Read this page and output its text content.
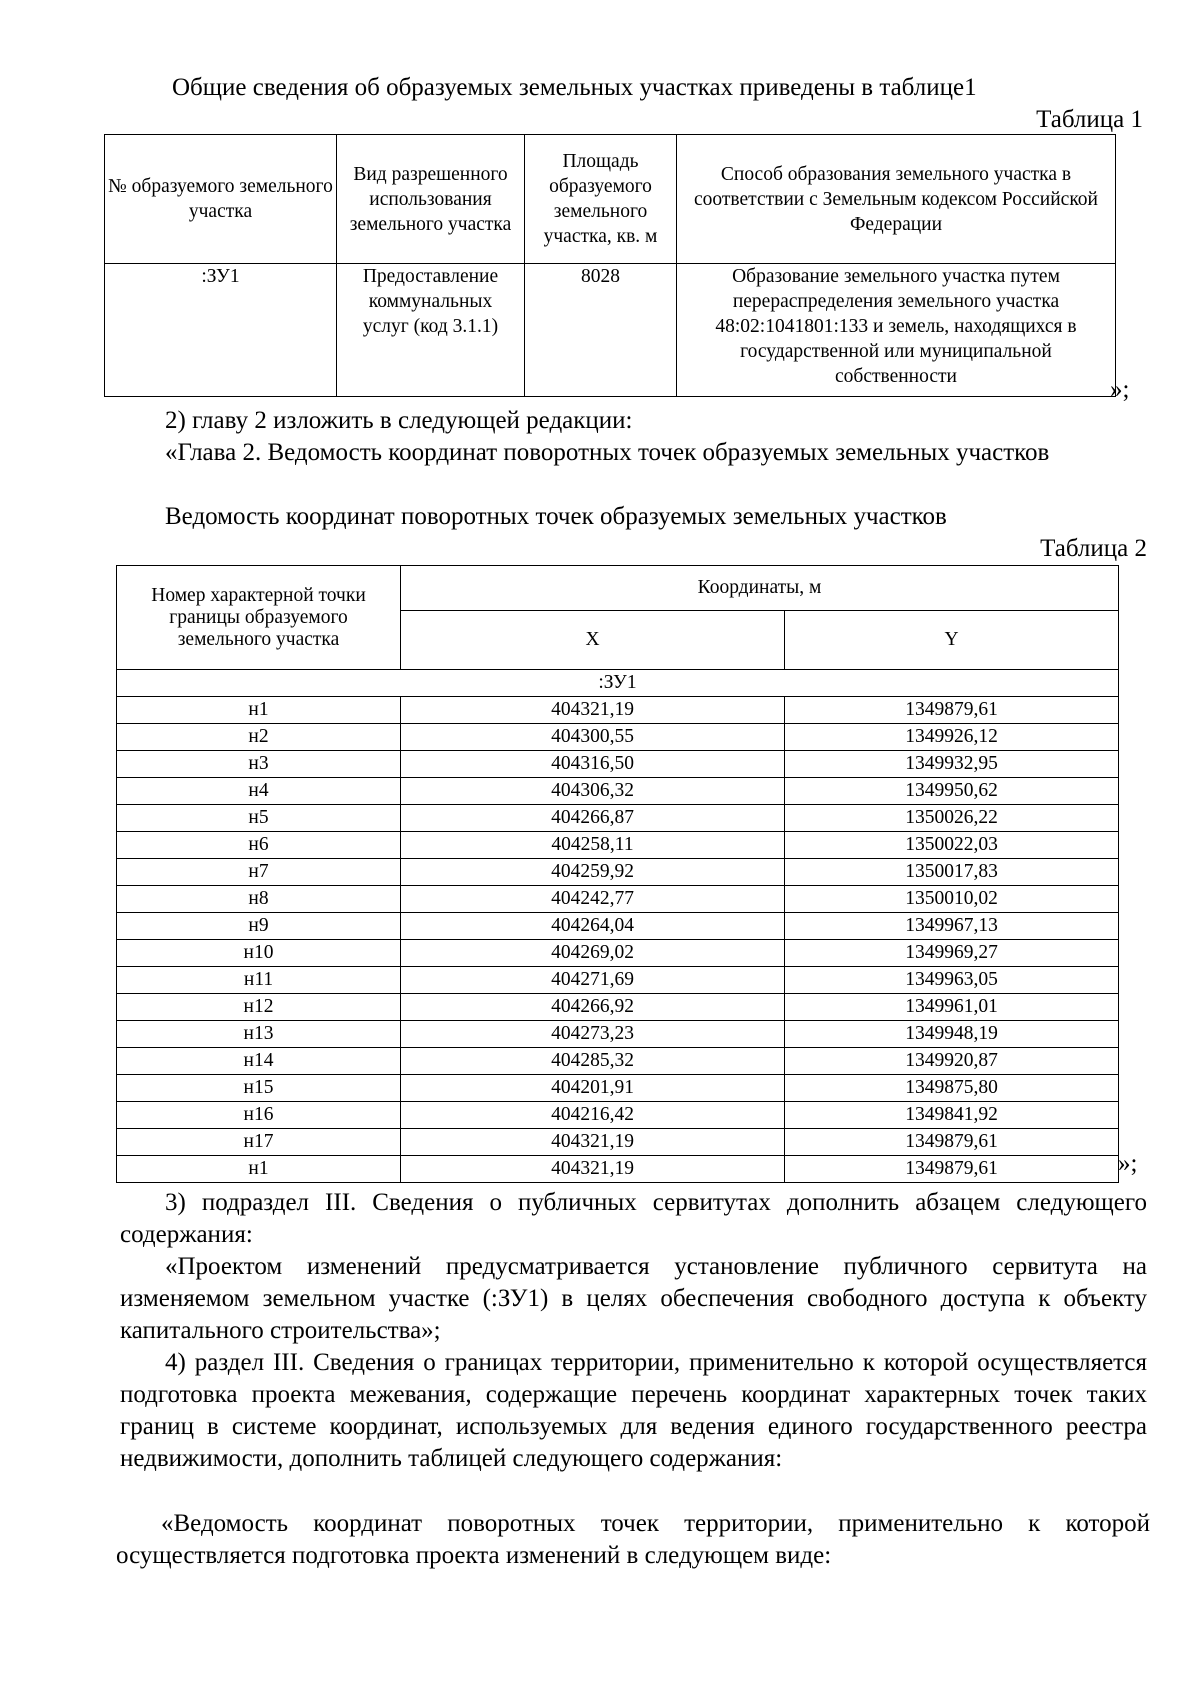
Общие сведения об образуемых земельных участках приведены в таблице1
Таблица 1
№ образуемого земельного участка	Вид разрешенного использования земельного участка	Площадь образуемого земельного участка, кв. м	Способ образования земельного участка в соответствии с Земельным кодексом Российской Федерации
:ЗУ1	Предоставление коммунальных услуг (код 3.1.1)	8028	Образование земельного участка путем перераспределения земельного участка 48:02:1041801:133 и земель, находящихся в государственной или муниципальной собственности	»;

2) главу 2 изложить в следующей редакции:

«Глава 2. Ведомость координат поворотных точек образуемых земельных участков

Ведомость координат поворотных точек образуемых земельных участков

Таблица 2
Номер характерной точки границы образуемого земельного участка	Координаты, м	
	X	Y
:ЗУ1		
н1	404321,19	1349879,61
н2	404300,55	1349926,12
н3	404316,50	1349932,95
н4	404306,32	1349950,62
н5	404266,87	1350026,22
н6	404258,11	1350022,03
н7	404259,92	1350017,83
н8	404242,77	1350010,02
н9	404264,04	1349967,13
н10	404269,02	1349969,27
н11	404271,69	1349963,05
н12	404266,92	1349961,01
н13	404273,23	1349948,19
н14	404285,32	1349920,87
н15	404201,91	1349875,80
н16	404216,42	1349841,92
н17	404321,19	1349879,61
н1	404321,19	1349879,61	»;

3) подраздел III. Сведения о публичных сервитутах дополнить абзацем следующего содержания:

«Проектом изменений предусматривается установление публичного сервитута на изменяемом земельном участке (:ЗУ1) в целях обеспечения свободного доступа к объекту капитального строительства»;

4) раздел III. Сведения о границах территории, применительно к которой осуществляется подготовка проекта межевания, содержащие перечень координат характерных точек таких границ в системе координат, используемых для ведения единого государственного реестра недвижимости, дополнить таблицей следующего содержания:

«Ведомость координат поворотных точек территории, применительно к которой осуществляется подготовка проекта изменений в следующем виде:
